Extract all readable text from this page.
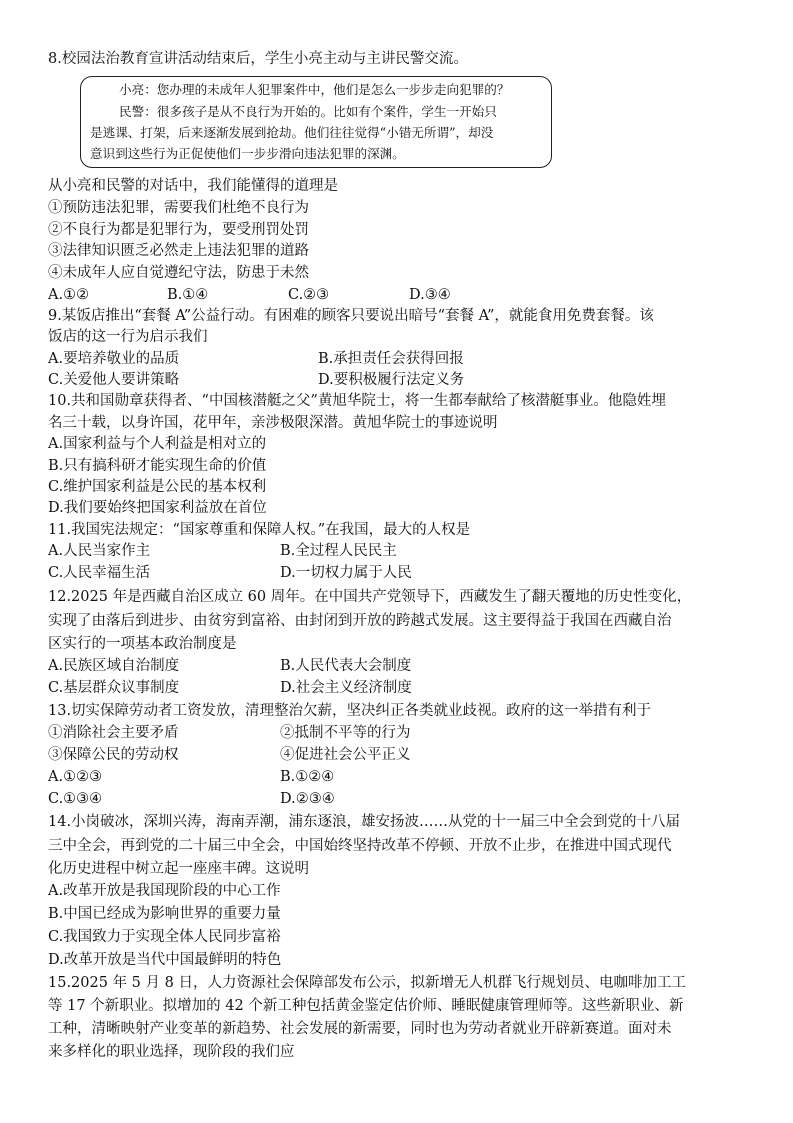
8.校园法治教育宣讲活动结束后，学生小亮主动与主讲民警交流。
小亮：您办理的未成年人犯罪案件中，他们是怎么一步步走向犯罪的？
民警：很多孩子是从不良行为开始的。比如有个案件，学生一开始只
是逃课、打架，后来逐渐发展到抢劫。他们往往觉得“小错无所谓”，却没
意识到这些行为正促使他们一步步滑向违法犯罪的深渊。
从小亮和民警的对话中，我们能懂得的道理是
①预防违法犯罪，需要我们杜绝不良行为
②不良行为都是犯罪行为，要受刑罚处罚
③法律知识匮乏必然走上违法犯罪的道路
④未成年人应自觉遵纪守法，防患于未然
A.①②	B.①④	C.②③	D.③④
9.某饭店推出“套餐 A”公益行动。有困难的顾客只要说出暗号“套餐 A”，就能食用免费套餐。该
饭店的这一行为启示我们
A.要培养敬业的品质	B.承担责任会获得回报
C.关爱他人要讲策略	D.要积极履行法定义务
10.共和国勋章获得者、“中国核潜艇之父”黄旭华院士，将一生都奉献给了核潜艇事业。他隐姓埋
名三十载，以身许国，花甲年，亲涉极限深潜。黄旭华院士的事迹说明
A.国家利益与个人利益是相对立的
B.只有搞科研才能实现生命的价值
C.维护国家利益是公民的基本权利
D.我们要始终把国家利益放在首位
11.我国宪法规定：“国家尊重和保障人权。”在我国，最大的人权是
A.人民当家作主	B.全过程人民民主
C.人民幸福生活	D.一切权力属于人民
12.2025 年是西藏自治区成立 60 周年。在中国共产党领导下，西藏发生了翻天覆地的历史性变化，
实现了由落后到进步、由贫穷到富裕、由封闭到开放的跨越式发展。这主要得益于我国在西藏自治
区实行的一项基本政治制度是
A.民族区域自治制度	B.人民代表大会制度
C.基层群众议事制度	D.社会主义经济制度
13.切实保障劳动者工资发放，清理整治欠薪，坚决纠正各类就业歧视。政府的这一举措有利于
①消除社会主要矛盾	②抵制不平等的行为
③保障公民的劳动权	④促进社会公平正义
A.①②③	B.①②④
C.①③④	D.②③④
14.小岗破冰，深圳兴涛，海南弄潮，浦东逐浪，雄安扬波……从党的十一届三中全会到党的十八届
三中全会，再到党的二十届三中全会，中国始终坚持改革不停顿、开放不止步，在推进中国式现代
化历史进程中树立起一座座丰碑。这说明
A.改革开放是我国现阶段的中心工作
B.中国已经成为影响世界的重要力量
C.我国致力于实现全体人民同步富裕
D.改革开放是当代中国最鲜明的特色
15.2025 年 5 月 8 日，人力资源社会保障部发布公示，拟新增无人机群飞行规划员、电咖啡加工工
等 17 个新职业。拟增加的 42 个新工种包括黄金鉴定估价师、睡眠健康管理师等。这些新职业、新
工种，清晰映射产业变革的新趋势、社会发展的新需要，同时也为劳动者就业开辟新赛道。面对未
来多样化的职业选择，现阶段的我们应
